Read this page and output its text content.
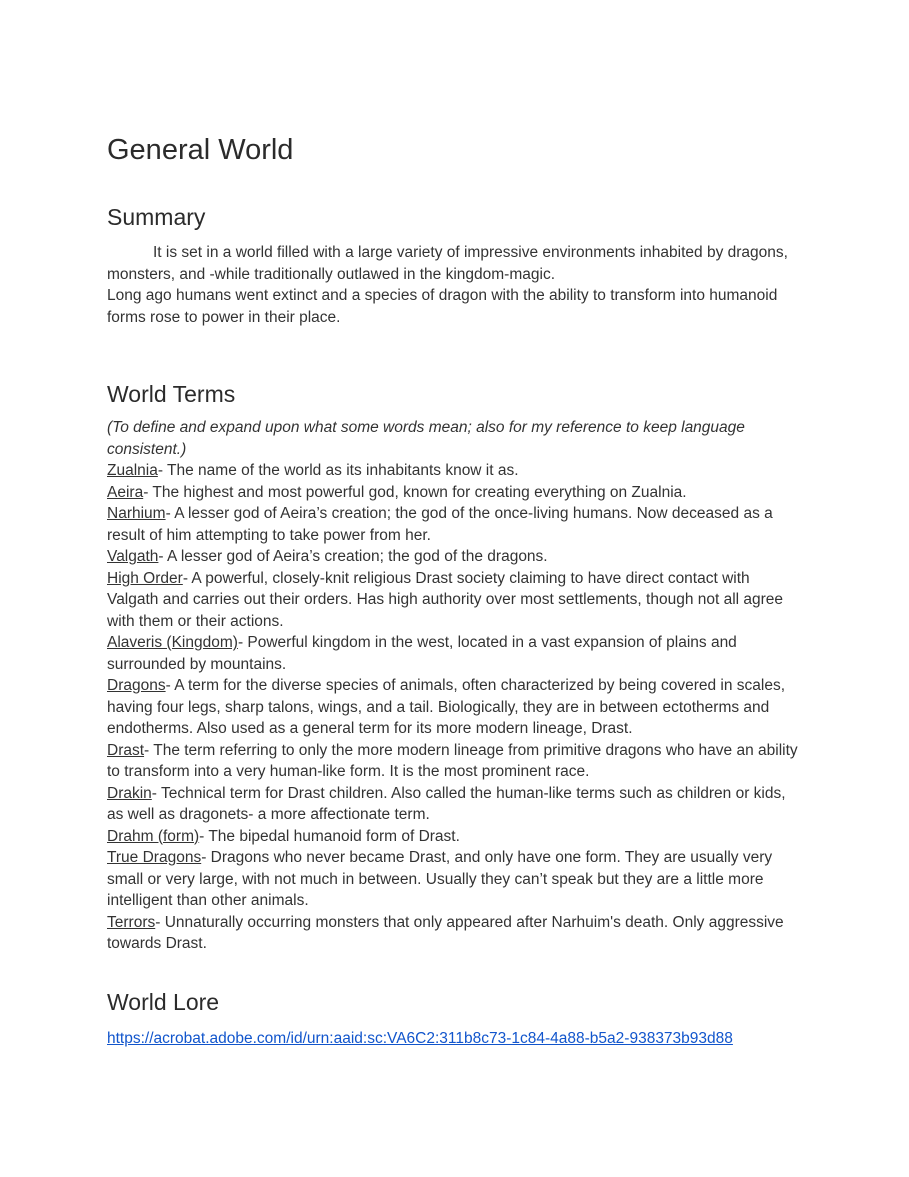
General World
Summary

It is set in a world filled with a large variety of impressive environments inhabited by dragons, monsters, and -while traditionally outlawed in the kingdom-magic.

Long ago humans went extinct and a species of dragon with the ability to transform into humanoid forms rose to power in their place.

World Terms

(To define and expand upon what some words mean; also for my reference to keep language consistent.)

Zualnia- The name of the world as its inhabitants know it as.

Aeira- The highest and most powerful god, known for creating everything on Zualnia.

Narhium- A lesser god of Aeira’s creation; the god of the once-living humans. Now deceased as a result of him attempting to take power from her.

Valgath- A lesser god of Aeira’s creation; the god of the dragons.

High Order- A powerful, closely-knit religious Drast society claiming to have direct contact with Valgath and carries out their orders. Has high authority over most settlements, though not all agree with them or their actions.

Alaveris (Kingdom)- Powerful kingdom in the west, located in a vast expansion of plains and surrounded by mountains.

Dragons- A term for the diverse species of animals, often characterized by being covered in scales, having four legs, sharp talons, wings, and a tail. Biologically, they are in between ectotherms and endotherms. Also used as a general term for its more modern lineage, Drast.

Drast- The term referring to only the more modern lineage from primitive dragons who have an ability to transform into a very human-like form. It is the most prominent race.

Drakin- Technical term for Drast children. Also called the human-like terms such as children or kids, as well as dragonets- a more affectionate term.

Drahm (form)- The bipedal humanoid form of Drast.

True Dragons- Dragons who never became Drast, and only have one form. They are usually very small or very large, with not much in between. Usually they can’t speak but they are a little more intelligent than other animals.

Terrors- Unnaturally occurring monsters that only appeared after Narhuim's death. Only aggressive towards Drast.

World Lore

https://acrobat.adobe.com/id/urn:aaid:sc:VA6C2:311b8c73-1c84-4a88-b5a2-938373b93d88
